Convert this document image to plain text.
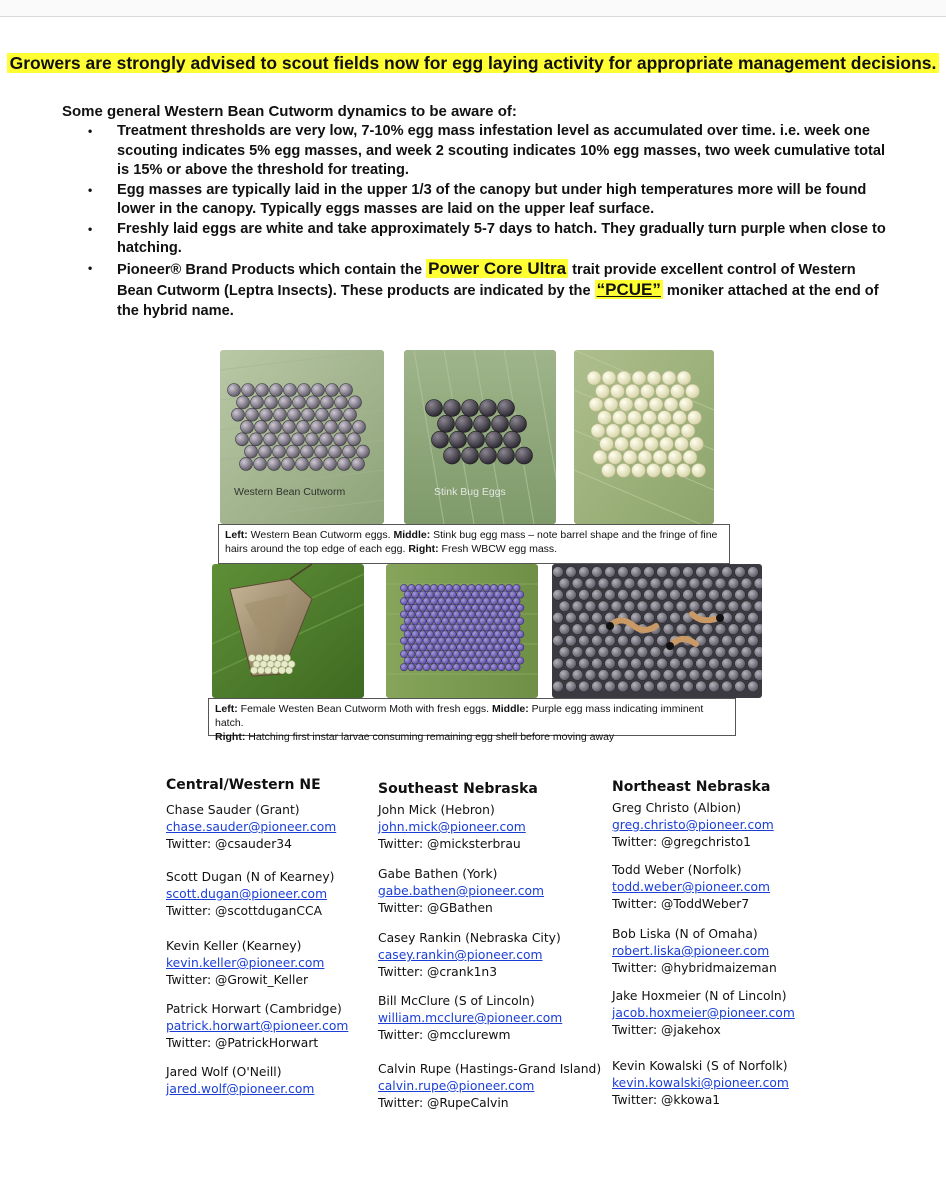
Growers are strongly advised to scout fields now for egg laying activity for appropriate management decisions.
Some general Western Bean Cutworm dynamics to be aware of:
• Treatment thresholds are very low, 7-10% egg mass infestation level as accumulated over time. i.e. week one scouting indicates 5% egg masses, and week 2 scouting indicates 10% egg masses, two week cumulative total is 15% or above the threshold for treating.
• Egg masses are typically laid in the upper 1/3 of the canopy but under high temperatures more will be found lower in the canopy. Typically eggs masses are laid on the upper leaf surface.
• Freshly laid eggs are white and take approximately 5-7 days to hatch. They gradually turn purple when close to hatching.
• Pioneer® Brand Products which contain the Power Core Ultra trait provide excellent control of Western Bean Cutworm (Leptra Insects). These products are indicated by the “PCUE” moniker attached at the end of the hybrid name.
Western Bean Cutworm	Stink Bug Eggs
Left: Western Bean Cutworm eggs. Middle: Stink bug egg mass – note barrel shape and the fringe of fine hairs around the top edge of each egg. Right: Fresh WBCW egg mass.
Left: Female Westen Bean Cutworm Moth with fresh eggs. Middle: Purple egg mass indicating imminent hatch.
Right: Hatching first instar larvae consuming remaining egg shell before moving away
Central/Western NE
Chase Sauder (Grant)
chase.sauder@pioneer.com
Twitter: @csauder34
Scott Dugan (N of Kearney)
scott.dugan@pioneer.com
Twitter: @scottduganCCA
Kevin Keller (Kearney)
kevin.keller@pioneer.com
Twitter: @Growit_Keller
Patrick Horwart (Cambridge)
patrick.horwart@pioneer.com
Twitter: @PatrickHorwart
Jared Wolf (O'Neill)
jared.wolf@pioneer.com
Southeast Nebraska
John Mick (Hebron)
john.mick@pioneer.com
Twitter: @micksterbrau
Gabe Bathen (York)
gabe.bathen@pioneer.com
Twitter: @GBathen
Casey Rankin (Nebraska City)
casey.rankin@pioneer.com
Twitter: @crank1n3
Bill McClure (S of Lincoln)
william.mcclure@pioneer.com
Twitter: @mcclurewm
Calvin Rupe (Hastings-Grand Island)
calvin.rupe@pioneer.com
Twitter: @RupeCalvin
Northeast Nebraska
Greg Christo (Albion)
greg.christo@pioneer.com
Twitter: @gregchristo1
Todd Weber (Norfolk)
todd.weber@pioneer.com
Twitter: @ToddWeber7
Bob Liska (N of Omaha)
robert.liska@pioneer.com
Twitter: @hybridmaizeman
Jake Hoxmeier (N of Lincoln)
jacob.hoxmeier@pioneer.com
Twitter: @jakehox
Kevin Kowalski (S of Norfolk)
kevin.kowalski@pioneer.com
Twitter: @kkowa1
